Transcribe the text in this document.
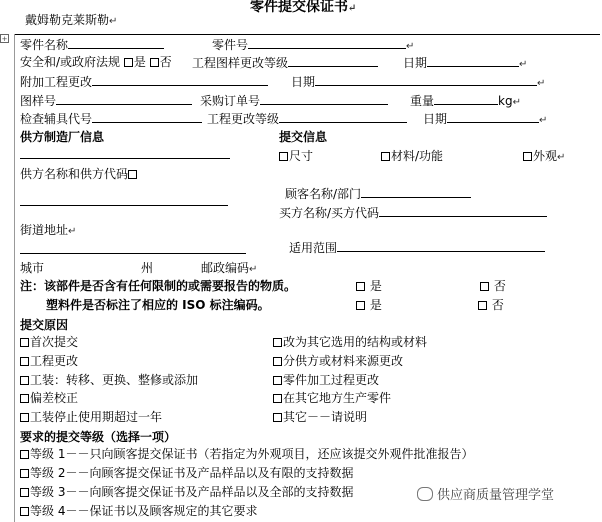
+
零件提交保证书↵
戴姆勒克莱斯勒↵
零件名称	零件号	↵
安全和/或政府法规 是 否 工程图样更改等级	日期	↵
附加工程更改	日期	↵
图样号	采购订单号	重量	kg↵
检查辅具代号	工程更改等级	日期	↵
供方制造厂信息	提交信息
尺寸	材料/功能	外观↵
供方名称和供方代码
顾客名称/部门
买方名称/买方代码
街道地址↵
适用范围
城市	州	邮政编码↵
注：该部件是否含有任何限制的或需要报告的物质。	是	否
塑料件是否标注了相应的 ISO 标注编码。	是	否
提交原因
首次提交
工程更改
工装：转移、更换、整修或添加
偏差校正
工装停止使用期超过一年
改为其它选用的结构或材料
分供方或材料来源更改
零件加工过程更改
在其它地方生产零件
其它－－请说明
要求的提交等级（选择一项）
等级 1－－只向顾客提交保证书（若指定为外观项目，还应该提交外观件批准报告）
等级 2－－向顾客提交保证书及产品样品以及有限的支持数据
等级 3－－向顾客提交保证书及产品样品以及全部的支持数据
等级 4－－保证书以及顾客规定的其它要求
供应商质量管理学堂
